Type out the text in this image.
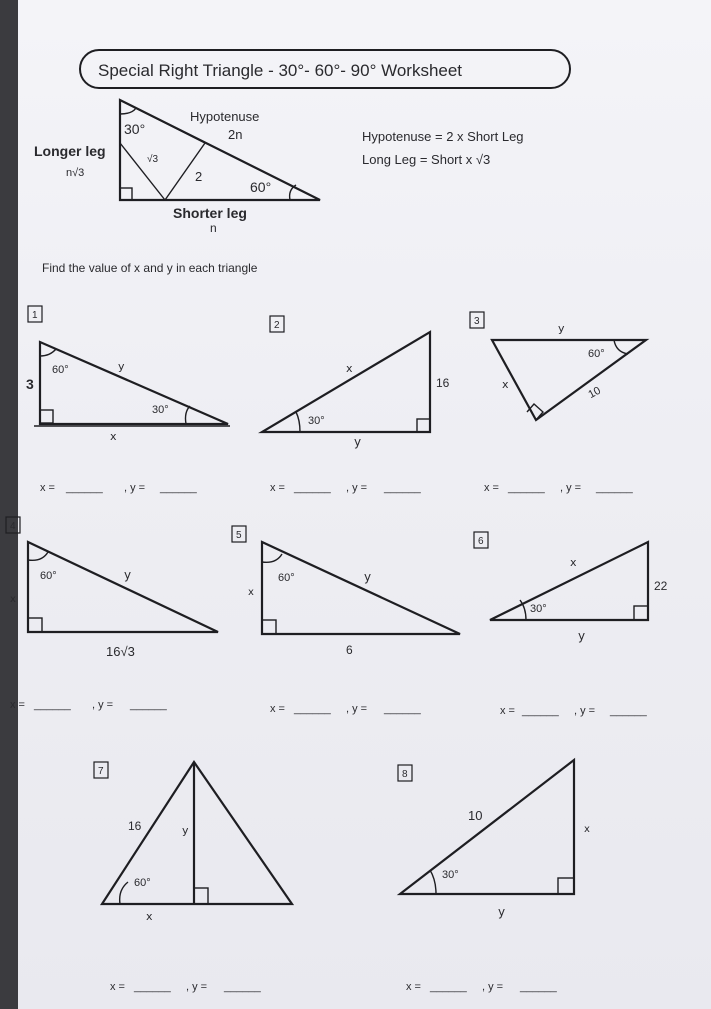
Special Right Triangle - 30°- 60°- 90° Worksheet
30°
60°
Hypotenuse
2n
Longer leg
n√3
√3
2
Shorter leg
n
Hypotenuse = 2 x Short Leg
Long Leg = Short x √3
Find the value of x and y in each triangle
1
60°
30°
3
y
x
2
30°
x
16
y
3
60°
y
x
10
x = ______ , y = ______	x = ______ , y = ______	x = ______ , y = ______
4
60°
x
y
16√3
5
60°
x
y
6
6
30°
x
22
y
x = ______ , y = ______	x = ______ , y = ______	x = ______ , y = ______
7
60°
16	y
x
8
30°
10
x
y
x = ______ , y = ______	x = ______ , y = ______
